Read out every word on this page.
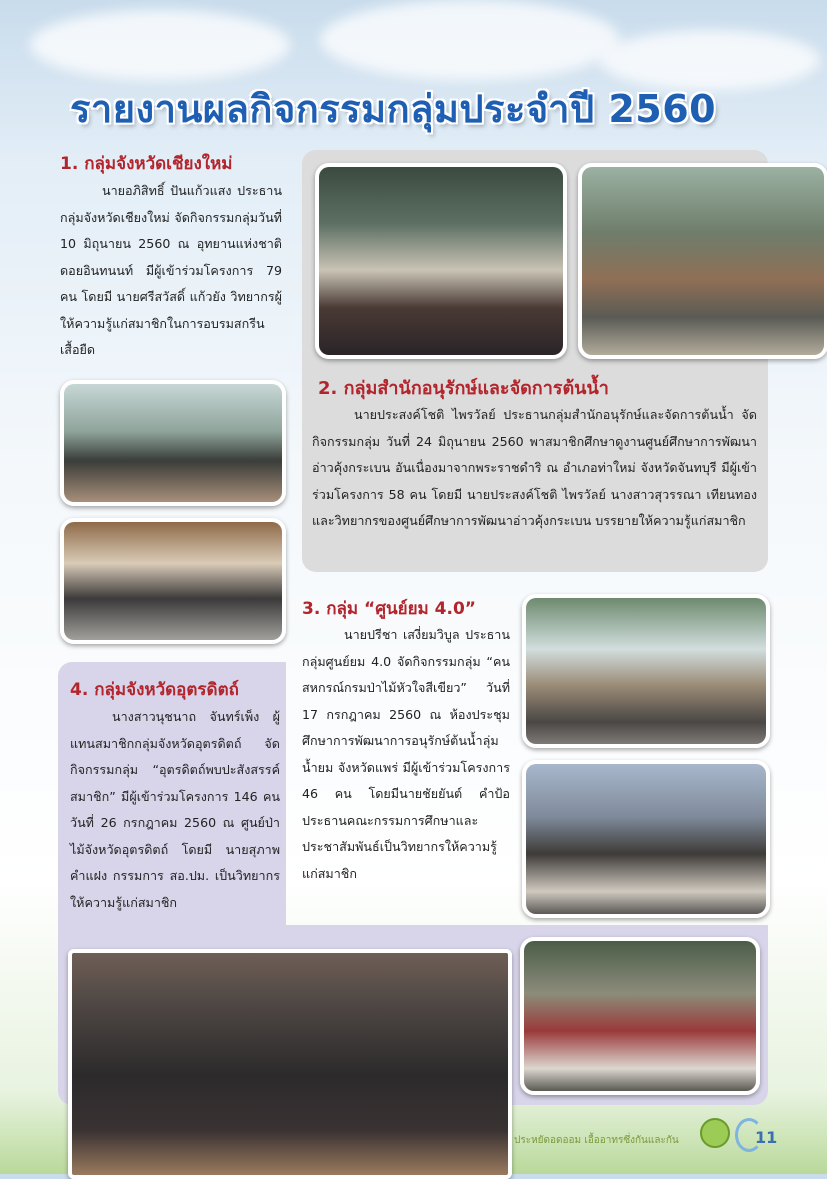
รายงานผลกิจกรรมกลุ่มประจำปี 2560
1. กลุ่มจังหวัดเชียงใหม่

นายอภิสิทธิ์ ปันแก้วแสง ประธานกลุ่มจังหวัดเชียงใหม่ จัดกิจกรรมกลุ่มวันที่ 10 มิถุนายน 2560 ณ อุทยานแห่งชาติดอยอินทนนท์ มีผู้เข้าร่วมโครงการ 79 คน โดยมี นายศรีสวัสดิ์ แก้วยัง วิทยากรผู้ให้ความรู้แก่สมาชิกในการอบรมสกรีนเสื้อยืด

2. กลุ่มสำนักอนุรักษ์และจัดการต้นน้ำ

นายประสงค์โชติ ไพรวัลย์ ประธานกลุ่มสำนักอนุรักษ์และจัดการต้นน้ำ จัดกิจกรรมกลุ่ม วันที่ 24 มิถุนายน 2560 พาสมาชิกศึกษาดูงานศูนย์ศึกษาการพัฒนาอ่าวคุ้งกระเบน อันเนื่องมาจากพระราชดำริ ณ อำเภอท่าใหม่ จังหวัดจันทบุรี มีผู้เข้าร่วมโครงการ 58 คน โดยมี นายประสงค์โชติ ไพรวัลย์ นางสาวสุวรรณา เทียนทอง และวิทยากรของศูนย์ศึกษาการพัฒนาอ่าวคุ้งกระเบน บรรยายให้ความรู้แก่สมาชิก

3. กลุ่ม “ศูนย์ยม 4.0”

นายปรีชา เสงี่ยมวิบูล ประธานกลุ่มศูนย์ยม 4.0 จัดกิจกรรมกลุ่ม “คนสหกรณ์กรมป่าไม้หัวใจสีเขียว” วันที่ 17 กรกฎาคม 2560 ณ ห้องประชุมศึกษาการพัฒนาการอนุรักษ์ต้นน้ำลุ่มน้ำยม จังหวัดแพร่ มีผู้เข้าร่วมโครงการ 46 คน โดยมีนายชัยยันต์ คำป้อ ประธานคณะกรรมการศึกษาและประชาสัมพันธ์เป็นวิทยากรให้ความรู้แก่สมาชิก

4. กลุ่มจังหวัดอุตรดิตถ์

นางสาวนุชนาถ จันทร์เพ็ง ผู้แทนสมาชิกกลุ่มจังหวัดอุตรดิตถ์ จัดกิจกรรมกลุ่ม “อุตรดิตถ์พบปะสังสรรค์สมาชิก” มีผู้เข้าร่วมโครงการ 146 คน วันที่ 26 กรกฎาคม 2560 ณ ศูนย์ป่าไม้จังหวัดอุตรดิตถ์ โดยมี นายสุภาพ คำแฝง กรรมการ สอ.ปม. เป็นวิทยากรให้ความรู้แก่สมาชิก

ประหยัดอดออม เอื้ออาทรซึ่งกันและกัน	11
